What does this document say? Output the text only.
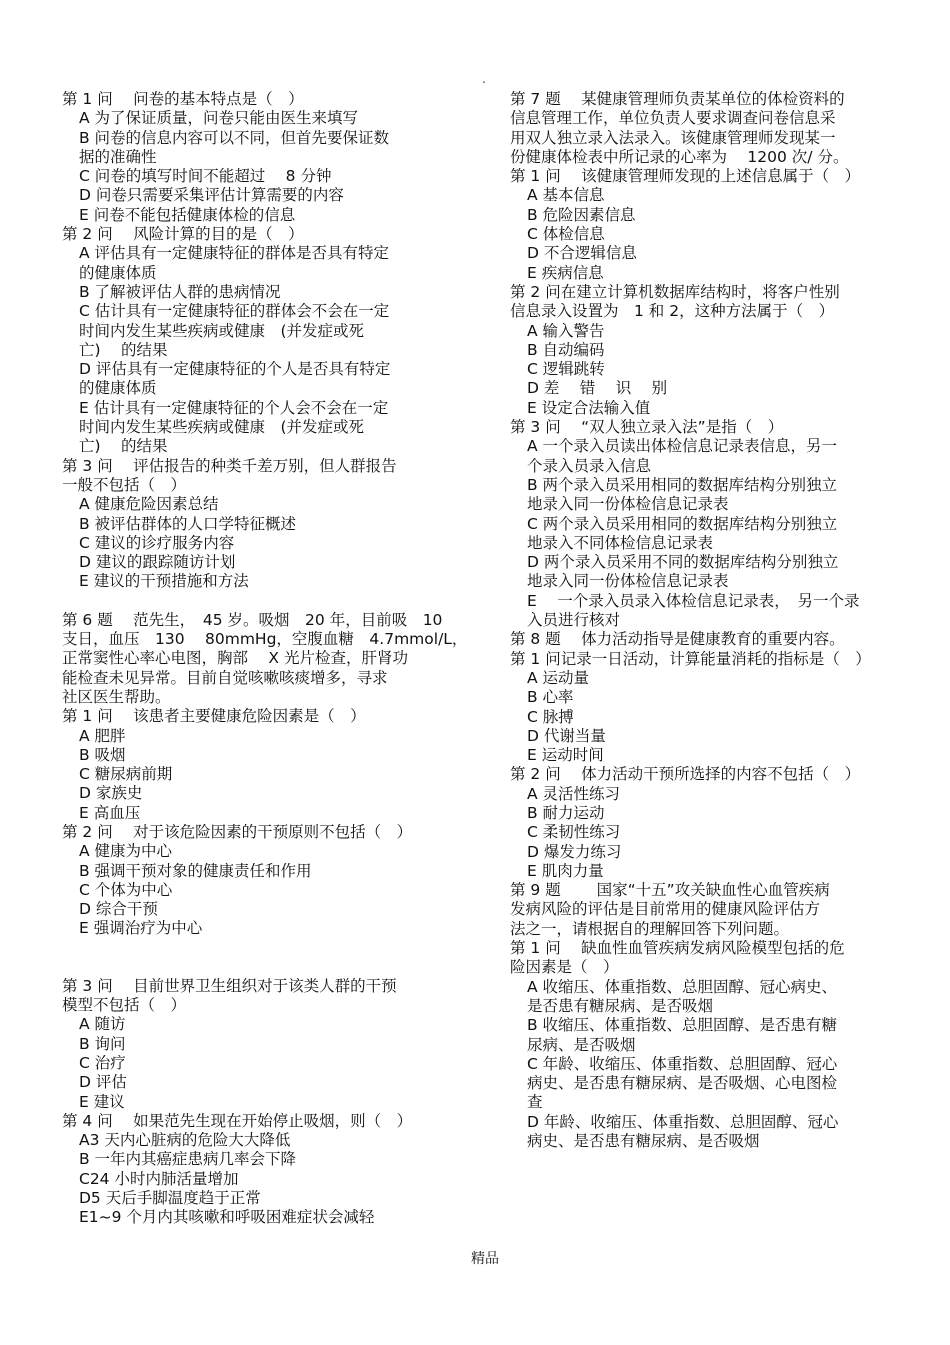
.
第 1 问　 问卷的基本特点是（　）
A 为了保证质量，问卷只能由医生来填写
B 问卷的信息内容可以不同，但首先要保证数
据的准确性
C 问卷的填写时间不能超过　 8 分钟
D 问卷只需要采集评估计算需要的内容
E 问卷不能包括健康体检的信息
第 2 问　 风险计算的目的是（　）
A 评估具有一定健康特征的群体是否具有特定
的健康体质
B 了解被评估人群的患病情况
C 估计具有一定健康特征的群体会不会在一定
时间内发生某些疾病或健康　(并发症或死
亡)　 的结果
D 评估具有一定健康特征的个人是否具有特定
的健康体质
E 估计具有一定健康特征的个人会不会在一定
时间内发生某些疾病或健康　(并发症或死
亡)　 的结果
第 3 问　 评估报告的种类千差万别，但人群报告
一般不包括（　）
A 健康危险因素总结
B 被评估群体的人口学特征概述
C 建议的诊疗服务内容
D 建议的跟踪随访计划
E 建议的干预措施和方法
第 6 题　 范先生，　45 岁。吸烟　20 年，目前吸　10
支日，血压　130　 80mmHg，空腹血糖　4.7mmol/L，
正常窦性心率心电图，胸部　 X 光片检查，肝肾功
能检查未见异常。目前自觉咳嗽咳痰增多，寻求
社区医生帮助。
第 1 问　 该患者主要健康危险因素是（　）
A 肥胖
B 吸烟
C 糖尿病前期
D 家族史
E 高血压
第 2 问　 对于该危险因素的干预原则不包括（　）
A 健康为中心
B 强调干预对象的健康责任和作用
C 个体为中心
D 综合干预
E 强调治疗为中心
第 3 问　 目前世界卫生组织对于该类人群的干预
模型不包括（　）
A 随访
B 询问
C 治疗
D 评估
E 建议
第 4 问　 如果范先生现在开始停止吸烟，则（　）
A3 天内心脏病的危险大大降低
B 一年内其癌症患病几率会下降
C24 小时内肺活量增加
D5 天后手脚温度趋于正常
E1~9 个月内其咳嗽和呼吸困难症状会减轻
第 7 题　 某健康管理师负责某单位的体检资料的
信息管理工作，单位负责人要求调查问卷信息采
用双人独立录入法录入。该健康管理师发现某一
份健康体检表中所记录的心率为　 1200 次/ 分。
第 1 问　 该健康管理师发现的上述信息属于（　）
A 基本信息
B 危险因素信息
C 体检信息
D 不合逻辑信息
E 疾病信息
第 2 问在建立计算机数据库结构时，将客户性别
信息录入设置为　1 和 2，这种方法属于（　）
A 输入警告
B 自动编码
C 逻辑跳转
D 差　 错　 识　 别
E 设定合法输入值
第 3 问　 “双人独立录入法”是指（　）
A 一个录入员读出体检信息记录表信息，另一
个录入员录入信息
B 两个录入员采用相同的数据库结构分别独立
地录入同一份体检信息记录表
C 两个录入员采用相同的数据库结构分别独立
地录入不同体检信息记录表
D 两个录入员采用不同的数据库结构分别独立
地录入同一份体检信息记录表
E　 一个录入员录入体检信息记录表，　另一个录
入员进行核对
第 8 题　 体力活动指导是健康教育的重要内容。
第 1 问记录一日活动，计算能量消耗的指标是（　）
A 运动量
B 心率
C 脉搏
D 代谢当量
E 运动时间
第 2 问　 体力活动干预所选择的内容不包括（　）
A 灵活性练习
B 耐力运动
C 柔韧性练习
D 爆发力练习
E 肌肉力量
第 9 题　　 国家“十五”攻关缺血性心血管疾病
发病风险的评估是目前常用的健康风险评估方
法之一，请根据自的理解回答下列问题。
第 1 问　 缺血性血管疾病发病风险模型包括的危
险因素是（　）
A 收缩压、体重指数、总胆固醇、冠心病史、
是否患有糖尿病、是否吸烟
B 收缩压、体重指数、总胆固醇、是否患有糖
尿病、是否吸烟
C 年龄、收缩压、体重指数、总胆固醇、冠心
病史、是否患有糖尿病、是否吸烟、心电图检
查
D 年龄、收缩压、体重指数、总胆固醇、冠心
病史、是否患有糖尿病、是否吸烟
精品
